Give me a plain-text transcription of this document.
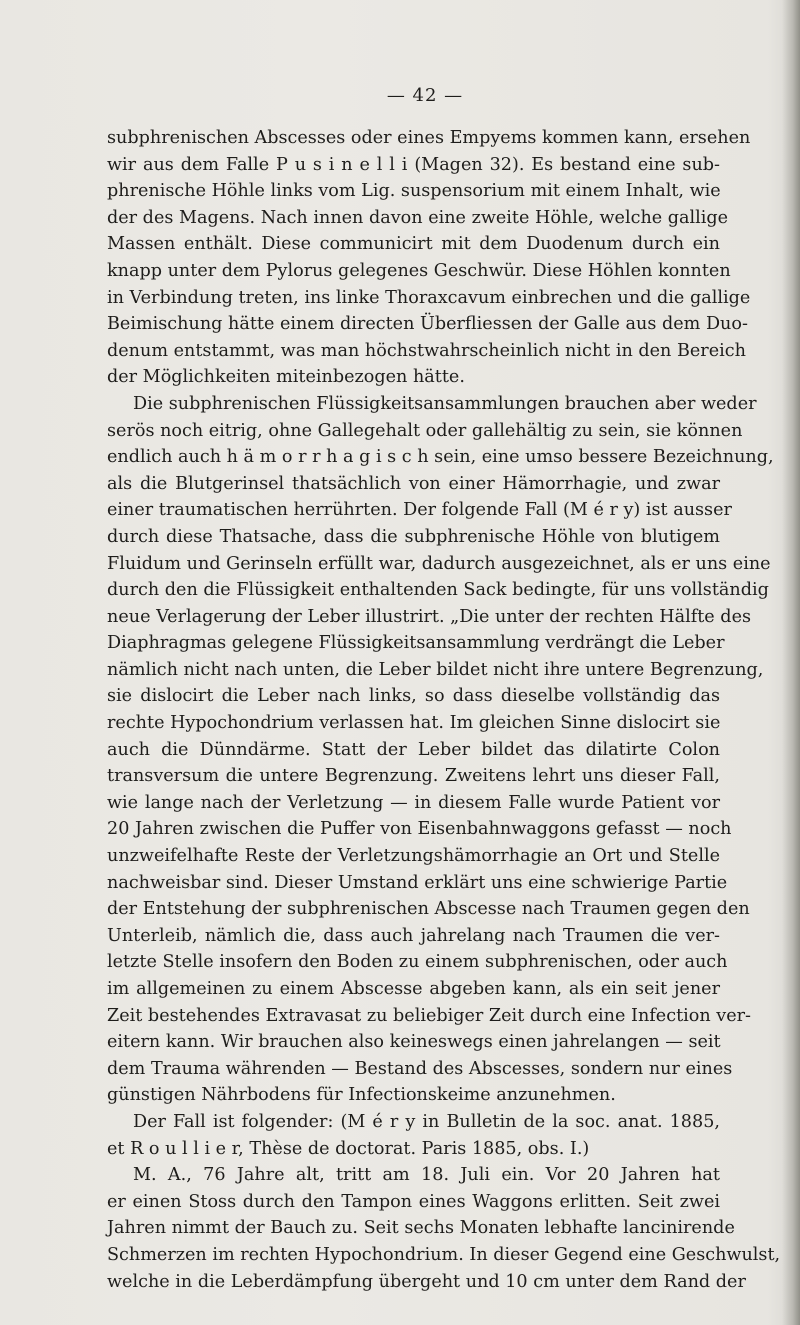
— 42 —

subphrenischen Abscesses oder eines Empyems kommen kann, ersehen

wir aus dem Falle P u s i n e l l i (Magen 32). Es bestand eine sub-

phrenische Höhle links vom Lig. suspensorium mit einem Inhalt, wie

der des Magens. Nach innen davon eine zweite Höhle, welche gallige

Massen enthält. Diese communicirt mit dem Duodenum durch ein

knapp unter dem Pylorus gelegenes Geschwür. Diese Höhlen konnten

in Verbindung treten, ins linke Thoraxcavum einbrechen und die gallige

Beimischung hätte einem directen Überfliessen der Galle aus dem Duo-

denum entstammt, was man höchstwahrscheinlich nicht in den Bereich

der Möglichkeiten miteinbezogen hätte.

Die subphrenischen Flüssigkeitsansammlungen brauchen aber weder

serös noch eitrig, ohne Gallegehalt oder gallehältig zu sein, sie können

endlich auch h ä m o r r h a g i s c h sein, eine umso bessere Bezeichnung,

als die Blutgerinsel thatsächlich von einer Hämorrhagie, und zwar

einer traumatischen herrührten. Der folgende Fall (M é r y) ist ausser

durch diese Thatsache, dass die subphrenische Höhle von blutigem

Fluidum und Gerinseln erfüllt war, dadurch ausgezeichnet, als er uns eine

durch den die Flüssigkeit enthaltenden Sack bedingte, für uns vollständig

neue Verlagerung der Leber illustrirt. „Die unter der rechten Hälfte des

Diaphragmas gelegene Flüssigkeitsansammlung verdrängt die Leber

nämlich nicht nach unten, die Leber bildet nicht ihre untere Begrenzung,

sie dislocirt die Leber nach links, so dass dieselbe vollständig das

rechte Hypochondrium verlassen hat. Im gleichen Sinne dislocirt sie

auch die Dünndärme. Statt der Leber bildet das dilatirte Colon

transversum die untere Begrenzung. Zweitens lehrt uns dieser Fall,

wie lange nach der Verletzung — in diesem Falle wurde Patient vor

20 Jahren zwischen die Puffer von Eisenbahnwaggons gefasst — noch

unzweifelhafte Reste der Verletzungshämorrhagie an Ort und Stelle

nachweisbar sind. Dieser Umstand erklärt uns eine schwierige Partie

der Entstehung der subphrenischen Abscesse nach Traumen gegen den

Unterleib, nämlich die, dass auch jahrelang nach Traumen die ver-

letzte Stelle insofern den Boden zu einem subphrenischen, oder auch

im allgemeinen zu einem Abscesse abgeben kann, als ein seit jener

Zeit bestehendes Extravasat zu beliebiger Zeit durch eine Infection ver-

eitern kann. Wir brauchen also keineswegs einen jahrelangen — seit

dem Trauma währenden — Bestand des Abscesses, sondern nur eines

günstigen Nährbodens für Infectionskeime anzunehmen.

Der Fall ist folgender: (M é r y in Bulletin de la soc. anat. 1885,

et R o u l l i e r, Thèse de doctorat. Paris 1885, obs. I.)

M. A., 76 Jahre alt, tritt am 18. Juli ein. Vor 20 Jahren hat

er einen Stoss durch den Tampon eines Waggons erlitten. Seit zwei

Jahren nimmt der Bauch zu. Seit sechs Monaten lebhafte lancinirende

Schmerzen im rechten Hypochondrium. In dieser Gegend eine Geschwulst,

welche in die Leberdämpfung übergeht und 10 cm unter dem Rand der
